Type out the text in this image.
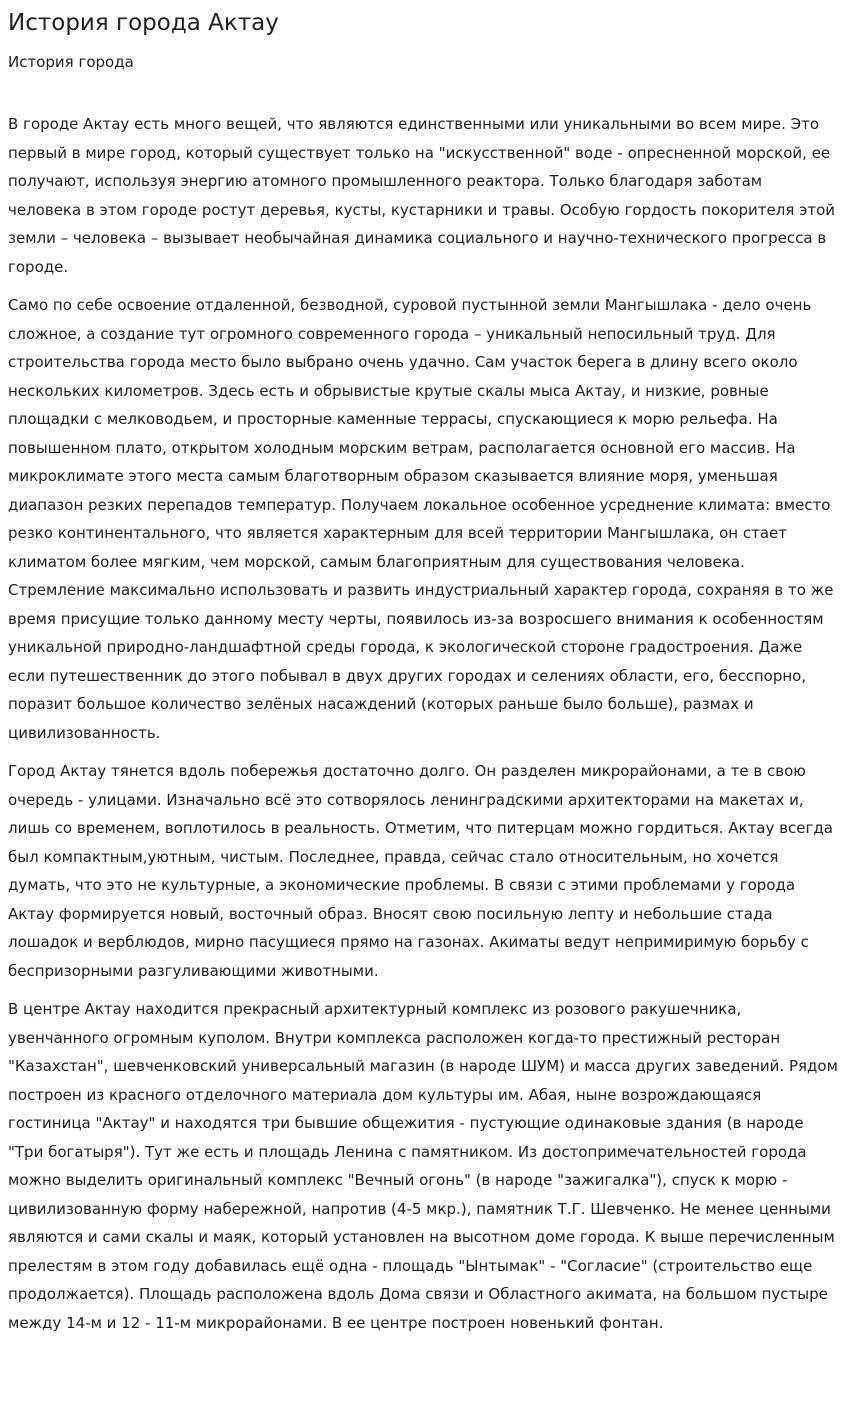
История города Актау
История города

В городе Актау есть много вещей, что являются единственными или уникальными во всем мире. Это первый в мире город, который существует только на "искусственной" воде - опресненной морской, ее получают, используя энергию атомного промышленного реактора. Только благодаря заботам человека в этом городе ростут деревья, кусты, кустарники и травы. Особую гордость покорителя этой земли – человека – вызывает необычайная динамика социального и научно-технического прогресса в городе.

Само по себе освоение отдаленной, безводной, суровой пустынной земли Мангышлака - дело очень сложное, а создание тут огромного современного города – уникальный непосильный труд. Для строительства города место было выбрано очень удачно. Сам участок берега в длину всего около нескольких километров. Здесь есть и обрывистые крутые скалы мыса Актау, и низкие, ровные площадки с мелководьем, и просторные каменные террасы, спускающиеся к морю рельефа. На повышенном плато, открытом холодным морским ветрам, располагается основной его массив. На микроклимате этого места самым благотворным образом сказывается влияние моря, уменьшая диапазон резких перепадов температур. Получаем локальное особенное усреднение климата: вместо резко континентального, что является характерным для всей территории Мангышлака, он стает климатом более мягким, чем морской, самым благоприятным для существования человека. Стремление максимально использовать и развить индустриальный характер города, сохраняя в то же время присущие только данному месту черты, появилось из-за возросшего внимания к особенностям уникальной природно-ландшафтной среды города, к экологической стороне градостроения. Даже если путешественник до этого побывал в двух других городах и селениях области, его, бесспорно, поразит большое количество зелёных насаждений (которых раньше было больше), размах и цивилизованность.

Город Актау тянется вдоль побережья достаточно долго. Он разделен микрорайонами, а те в свою очередь - улицами. Изначально всё это сотворялось ленинградскими архитекторами на макетах и, лишь со временем, воплотилось в реальность. Отметим, что питерцам можно гордиться. Актау всегда был компактным,уютным, чистым. Последнее, правда, сейчас стало относительным, но хочется думать, что это не культурные, а экономические проблемы. В связи с этими проблемами у города Актау формируется новый, восточный образ. Вносят свою посильную лепту и небольшие стада лошадок и верблюдов, мирно пасущиеся прямо на газонах. Акиматы ведут непримиримую борьбу с беспризорными разгуливающими животными.

В центре Актау находится прекрасный архитектурный комплекс из розового ракушечника, увенчанного огромным куполом. Внутри комплекса расположен когда-то престижный ресторан "Казахстан", шевченковский универсальный магазин (в народе ШУМ) и масса других заведений. Рядом построен из красного отделочного материала дом культуры им. Абая, ныне возрождающаяся гостиница "Актау" и находятся три бывшие общежития - пустующие одинаковые здания (в народе "Три богатыря"). Тут же есть и площадь Ленина с памятником. Из достопримечательностей города можно выделить оригинальный комплекс "Вечный огонь" (в народе "зажигалка"), спуск к морю - цивилизованную форму набережной, напротив (4-5 мкр.), памятник Т.Г. Шевченко. Не менее ценными являются и сами скалы и маяк, который установлен на высотном доме города. К выше перечисленным прелестям в этом году добавилась ещё одна - площадь "Ынтымак" - "Согласие" (строительство еще продолжается). Площадь расположена вдоль Дома связи и Областного акимата, на большом пустыре между 14-м и 12 - 11-м микрорайонами. В ее центре построен новенький фонтан.
